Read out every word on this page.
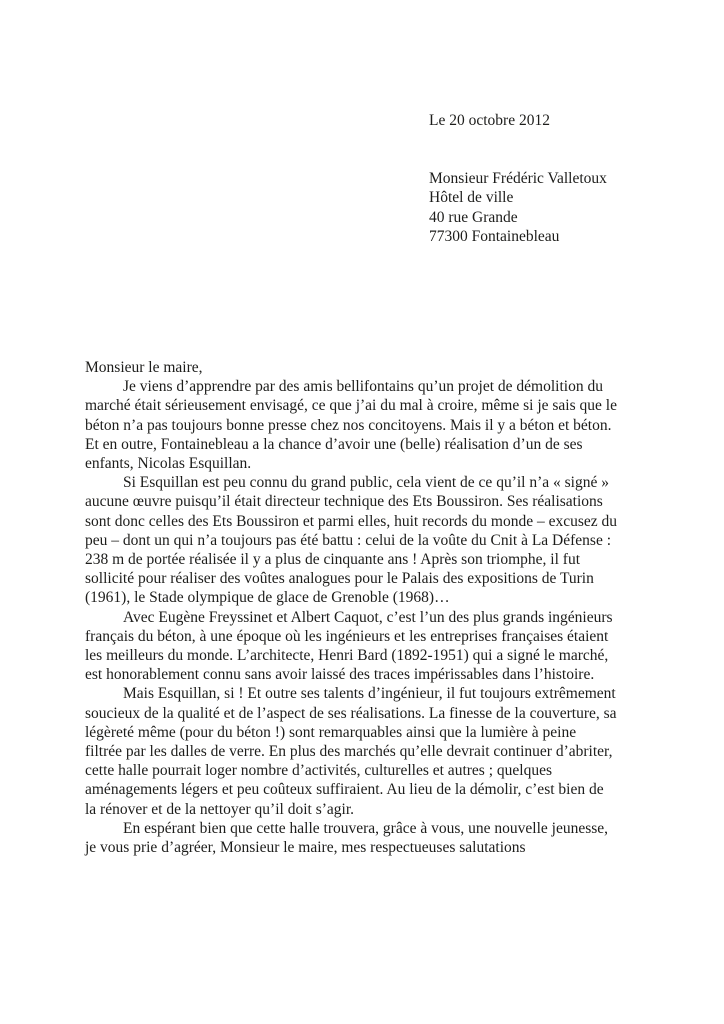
Le 20 octobre 2012
Monsieur Frédéric Valletoux
Hôtel de ville
40 rue Grande
77300 Fontainebleau
Monsieur le maire,
Je viens d’apprendre par des amis bellifontains qu’un projet de démolition du
marché était sérieusement envisagé, ce que j’ai du mal à croire, même si je sais que le
béton n’a pas toujours bonne presse chez nos concitoyens. Mais il y a béton et béton.
Et en outre, Fontainebleau a la chance d’avoir une (belle) réalisation d’un de ses
enfants, Nicolas Esquillan.
Si Esquillan est peu connu du grand public, cela vient de ce qu’il n’a « signé »
aucune œuvre puisqu’il était directeur technique des Ets Boussiron. Ses réalisations
sont donc celles des Ets Boussiron et parmi elles, huit records du monde – excusez du
peu – dont un qui n’a toujours pas été battu : celui de la voûte du Cnit à La Défense :
238 m de portée réalisée il y a plus de cinquante ans ! Après son triomphe, il fut
sollicité pour réaliser des voûtes analogues pour le Palais des expositions de Turin
(1961), le Stade olympique de glace de Grenoble (1968)…
Avec Eugène Freyssinet et Albert Caquot, c’est l’un des plus grands ingénieurs
français du béton, à une époque où les ingénieurs et les entreprises françaises étaient
les meilleurs du monde. L’architecte, Henri Bard (1892-1951) qui a signé le marché,
est honorablement connu sans avoir laissé des traces impérissables dans l’histoire.
Mais Esquillan, si ! Et outre ses talents d’ingénieur, il fut toujours extrêmement
soucieux de la qualité et de l’aspect de ses réalisations. La finesse de la couverture, sa
légèreté même (pour du béton !) sont remarquables ainsi que la lumière à peine
filtrée par les dalles de verre. En plus des marchés qu’elle devrait continuer d’abriter,
cette halle pourrait loger nombre d’activités, culturelles et autres ; quelques
aménagements légers et peu coûteux suffiraient. Au lieu de la démolir, c’est bien de
la rénover et de la nettoyer qu’il doit s’agir.
En espérant bien que cette halle trouvera, grâce à vous, une nouvelle jeunesse,
je vous prie d’agréer, Monsieur le maire, mes respectueuses salutations
